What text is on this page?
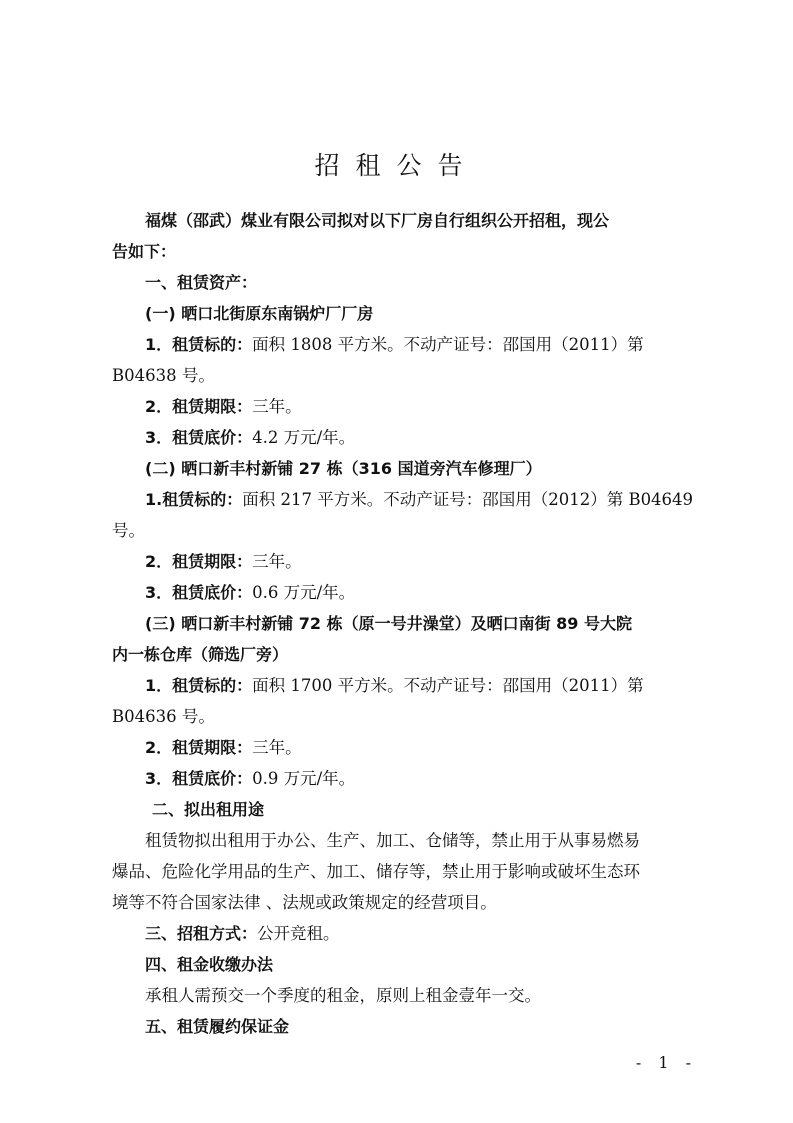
招租公告
福煤（邵武）煤业有限公司拟对以下厂房自行组织公开招租，现公
告如下：
一、租赁资产：
(一) 晒口北街原东南锅炉厂厂房
1．租赁标的：面积 1808 平方米。不动产证号：邵国用（2011）第
B04638 号。
2．租赁期限：三年。
3．租赁底价：4.2 万元/年。
(二) 晒口新丰村新铺 27 栋（316 国道旁汽车修理厂）
1.租赁标的：面积 217 平方米。不动产证号：邵国用（2012）第 B04649
号。
2．租赁期限：三年。
3．租赁底价：0.6 万元/年。
(三) 晒口新丰村新铺 72 栋（原一号井澡堂）及晒口南街 89 号大院
内一栋仓库（筛选厂旁）
1．租赁标的：面积 1700 平方米。不动产证号：邵国用（2011）第
B04636 号。
2．租赁期限：三年。
3．租赁底价：0.9 万元/年。
二、拟出租用途
租赁物拟出租用于办公、生产、加工、仓储等，禁止用于从事易燃易
爆品、危险化学用品的生产、加工、储存等，禁止用于影响或破坏生态环
境等不符合国家法律 、法规或政策规定的经营项目。
三、招租方式：公开竞租。
四、租金收缴办法
承租人需预交一个季度的租金，原则上租金壹年一交。
五、租赁履约保证金
- 1 -
